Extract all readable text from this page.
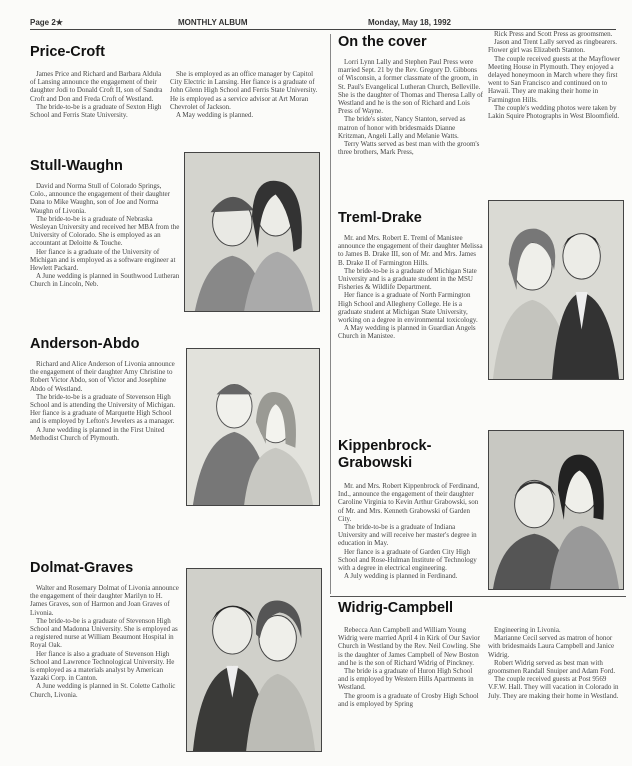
Page 2★	MONTHLY ALBUM	Monday, May 18, 1992
Price-Croft

James Price and Richard and Barbara Aldula of Lansing announce the engagement of their daughter Jodi to Donald Croft II, son of Sandra Croft and Don and Freda Croft of Westland.

The bride-to-be is a graduate of Sexton High School and Ferris State University.

She is employed as an office manager by Capitol City Electric in Lansing. Her fiance is a graduate of John Glenn High School and Ferris State University. He is employed as a service advisor at Art Moran Chevrolet of Jackson.

A May wedding is planned.

Stull-Waughn

David and Norma Stull of Colorado Springs, Colo., announce the engagement of their daughter Dana to Mike Waughn, son of Joe and Norma Waughn of Livonia.

The bride-to-be is a graduate of Nebraska Wesleyan University and received her MBA from the University of Colorado. She is employed as an accountant at Deloitte & Touche.

Her fiance is a graduate of the University of Michigan and is employed as a software engineer at Hewlett Packard.

A June wedding is planned in Southwood Lutheran Church in Lincoln, Neb.

Anderson-Abdo

Richard and Alice Anderson of Livonia announce the engagement of their daughter Amy Christine to Robert Victor Abdo, son of Victor and Josephine Abdo of Westland.

The bride-to-be is a graduate of Stevenson High School and is attending the University of Michigan. Her fiance is a graduate of Marquette High School and is employed by Lefton's Jewelers as a manager.

A June wedding is planned in the First United Methodist Church of Plymouth.

Dolmat-Graves

Walter and Rosemary Dolmat of Livonia announce the engagement of their daughter Marilyn to H. James Graves, son of Harmon and Joan Graves of Livonia.

The bride-to-be is a graduate of Stevenson High School and Madonna University. She is employed as a registered nurse at William Beaumont Hospital in Royal Oak.

Her fiance is also a graduate of Stevenson High School and Lawrence Technological University. He is employed as a materials analyst by American Yazaki Corp. in Canton.

A June wedding is planned in St. Colette Catholic Church, Livonia.

On the cover

Lorri Lynn Lally and Stephen Paul Press were married Sept. 21 by the Rev. Gregory D. Gibbons of Wisconsin, a former classmate of the groom, in St. Paul's Evangelical Lutheran Church, Belleville. She is the daughter of Thomas and Theresa Lally of Westland and he is the son of Richard and Lois Press of Wayne.

The bride's sister, Nancy Stanton, served as matron of honor with bridesmaids Dianne Kritzman, Angeli Lally and Melanie Watts.

Terry Watts served as best man with the groom's three brothers, Mark Press,

Rick Press and Scott Press as groomsmen.

Jason and Trent Lally served as ringbearers. Flower girl was Elizabeth Stanton.

The couple received guests at the Mayflower Meeting House in Plymouth. They enjoyed a delayed honeymoon in March where they first went to San Francisco and continued on to Hawaii. They are making their home in Farmington Hills.

The couple's wedding photos were taken by Lakin Squire Photographs in West Bloomfield.

Treml-Drake

Mr. and Mrs. Robert E. Treml of Manistee announce the engagement of their daughter Melissa to James B. Drake III, son of Mr. and Mrs. James B. Drake II of Farmington Hills.

The bride-to-be is a graduate of Michigan State University and is a graduate student in the MSU Fisheries & Wildlife Department.

Her fiance is a graduate of North Farmington High School and Allegheny College. He is a graduate student at Michigan State University, working on a degree in environmental toxicology.

A May wedding is planned in Guardian Angels Church in Manistee.

Kippenbrock-
Grabowski

Mr. and Mrs. Robert Kippenbrock of Ferdinand, Ind., announce the engagement of their daughter Caroline Virginia to Kevin Arthur Grabowski, son of Mr. and Mrs. Kenneth Grabowski of Garden City.

The bride-to-be is a graduate of Indiana University and will receive her master's degree in education in May.

Her fiance is a graduate of Garden City High School and Rose-Hulman Institute of Technology with a degree in electrical engineering.

A July wedding is planned in Ferdinand.

Widrig-Campbell

Rebecca Ann Campbell and William Young Widrig were married April 4 in Kirk of Our Savior Church in Westland by the Rev. Neil Cowling. She is the daughter of James Campbell of New Boston and he is the son of Richard Widrig of Pinckney.

The bride is a graduate of Huron High School and is employed by Western Hills Apartments in Westland.

The groom is a graduate of Crosby High School and is employed by Spring

Engineering in Livonia.

Marianne Cecil served as matron of honor with bridesmaids Laura Campbell and Janice Widrig.

Robert Widrig served as best man with groomsmen Randall Snuiper and Adam Ford.

The couple received guests at Post 9569 V.F.W. Hall. They will vacation in Colorado in July. They are making their home in Westland.
